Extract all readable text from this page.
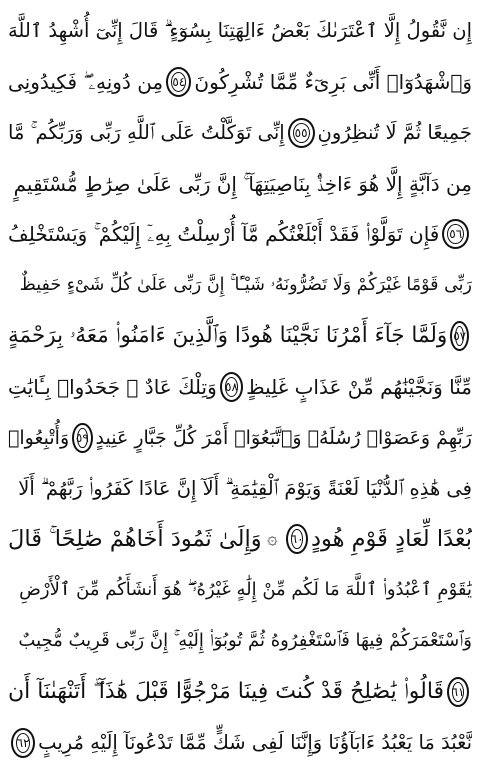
إِن نَّقُولُ إِلَّا ٱعْتَرَىٰكَ بَعْضُ ءَالِهَتِنَا بِسُوٓءٍ ۗ قَالَ إِنِّىٓ أُشْهِدُ ٱللَّهَ
وَٱشْهَدُوٓا۟ أَنِّى بَرِىٓءٌ مِّمَّا تُشْرِكُونَ
٥٤
مِن دُونِهِۦ ۖ فَكِيدُونِى
جَمِيعًا ثُمَّ لَا تُنظِرُونِ
٥٥
إِنِّى تَوَكَّلْتُ عَلَى ٱللَّهِ رَبِّى وَرَبِّكُم ۚ مَّا
مِن دَآبَّةٍ إِلَّا هُوَ ءَاخِذٌۢ بِنَاصِيَتِهَآ ۚ إِنَّ رَبِّى عَلَىٰ صِرَٰطٍ مُّسْتَقِيمٍ
٥٦
فَإِن تَوَلَّوْا۟ فَقَدْ أَبْلَغْتُكُم مَّآ أُرْسِلْتُ بِهِۦٓ إِلَيْكُمْ ۚ وَيَسْتَخْلِفُ
رَبِّى قَوْمًا غَيْرَكُمْ وَلَا تَضُرُّونَهُۥ شَيْـًٔا ۚ إِنَّ رَبِّى عَلَىٰ كُلِّ شَىْءٍ حَفِيظٌ
٥٧
وَلَمَّا جَآءَ أَمْرُنَا نَجَّيْنَا هُودًا وَٱلَّذِينَ ءَامَنُوا۟ مَعَهُۥ بِرَحْمَةٍ
مِّنَّا وَنَجَّيْنَٰهُم مِّنْ عَذَابٍ غَلِيظٍ
٥٨
وَتِلْكَ عَادٌ ۖ جَحَدُوا۟ بِـَٔايَٰتِ
رَبِّهِمْ وَعَصَوْا۟ رُسُلَهُۥ وَٱتَّبَعُوٓا۟ أَمْرَ كُلِّ جَبَّارٍ عَنِيدٍ
٥٩
وَأُتْبِعُوا۟
فِى هَٰذِهِ ٱلدُّنْيَا لَعْنَةً وَيَوْمَ ٱلْقِيَٰمَةِ ۗ أَلَآ إِنَّ عَادًا كَفَرُوا۟ رَبَّهُمْ ۗ أَلَا
بُعْدًا لِّعَادٍ قَوْمِ هُودٍ
٦٠
۞
وَإِلَىٰ ثَمُودَ أَخَاهُمْ صَٰلِحًا ۚ قَالَ
يَٰقَوْمِ ٱعْبُدُوا۟ ٱللَّهَ مَا لَكُم مِّنْ إِلَٰهٍ غَيْرُهُۥ ۖ هُوَ أَنشَأَكُم مِّنَ ٱلْأَرْضِ
وَٱسْتَعْمَرَكُمْ فِيهَا فَٱسْتَغْفِرُوهُ ثُمَّ تُوبُوٓا۟ إِلَيْهِ ۚ إِنَّ رَبِّى قَرِيبٌ مُّجِيبٌ
٦١
قَالُوا۟ يَٰصَٰلِحُ قَدْ كُنتَ فِينَا مَرْجُوًّا قَبْلَ هَٰذَآ ۖ أَتَنْهَىٰنَآ أَن
نَّعْبُدَ مَا يَعْبُدُ ءَابَآؤُنَا وَإِنَّنَا لَفِى شَكٍّ مِّمَّا تَدْعُونَآ إِلَيْهِ مُرِيبٍ
٦٢
